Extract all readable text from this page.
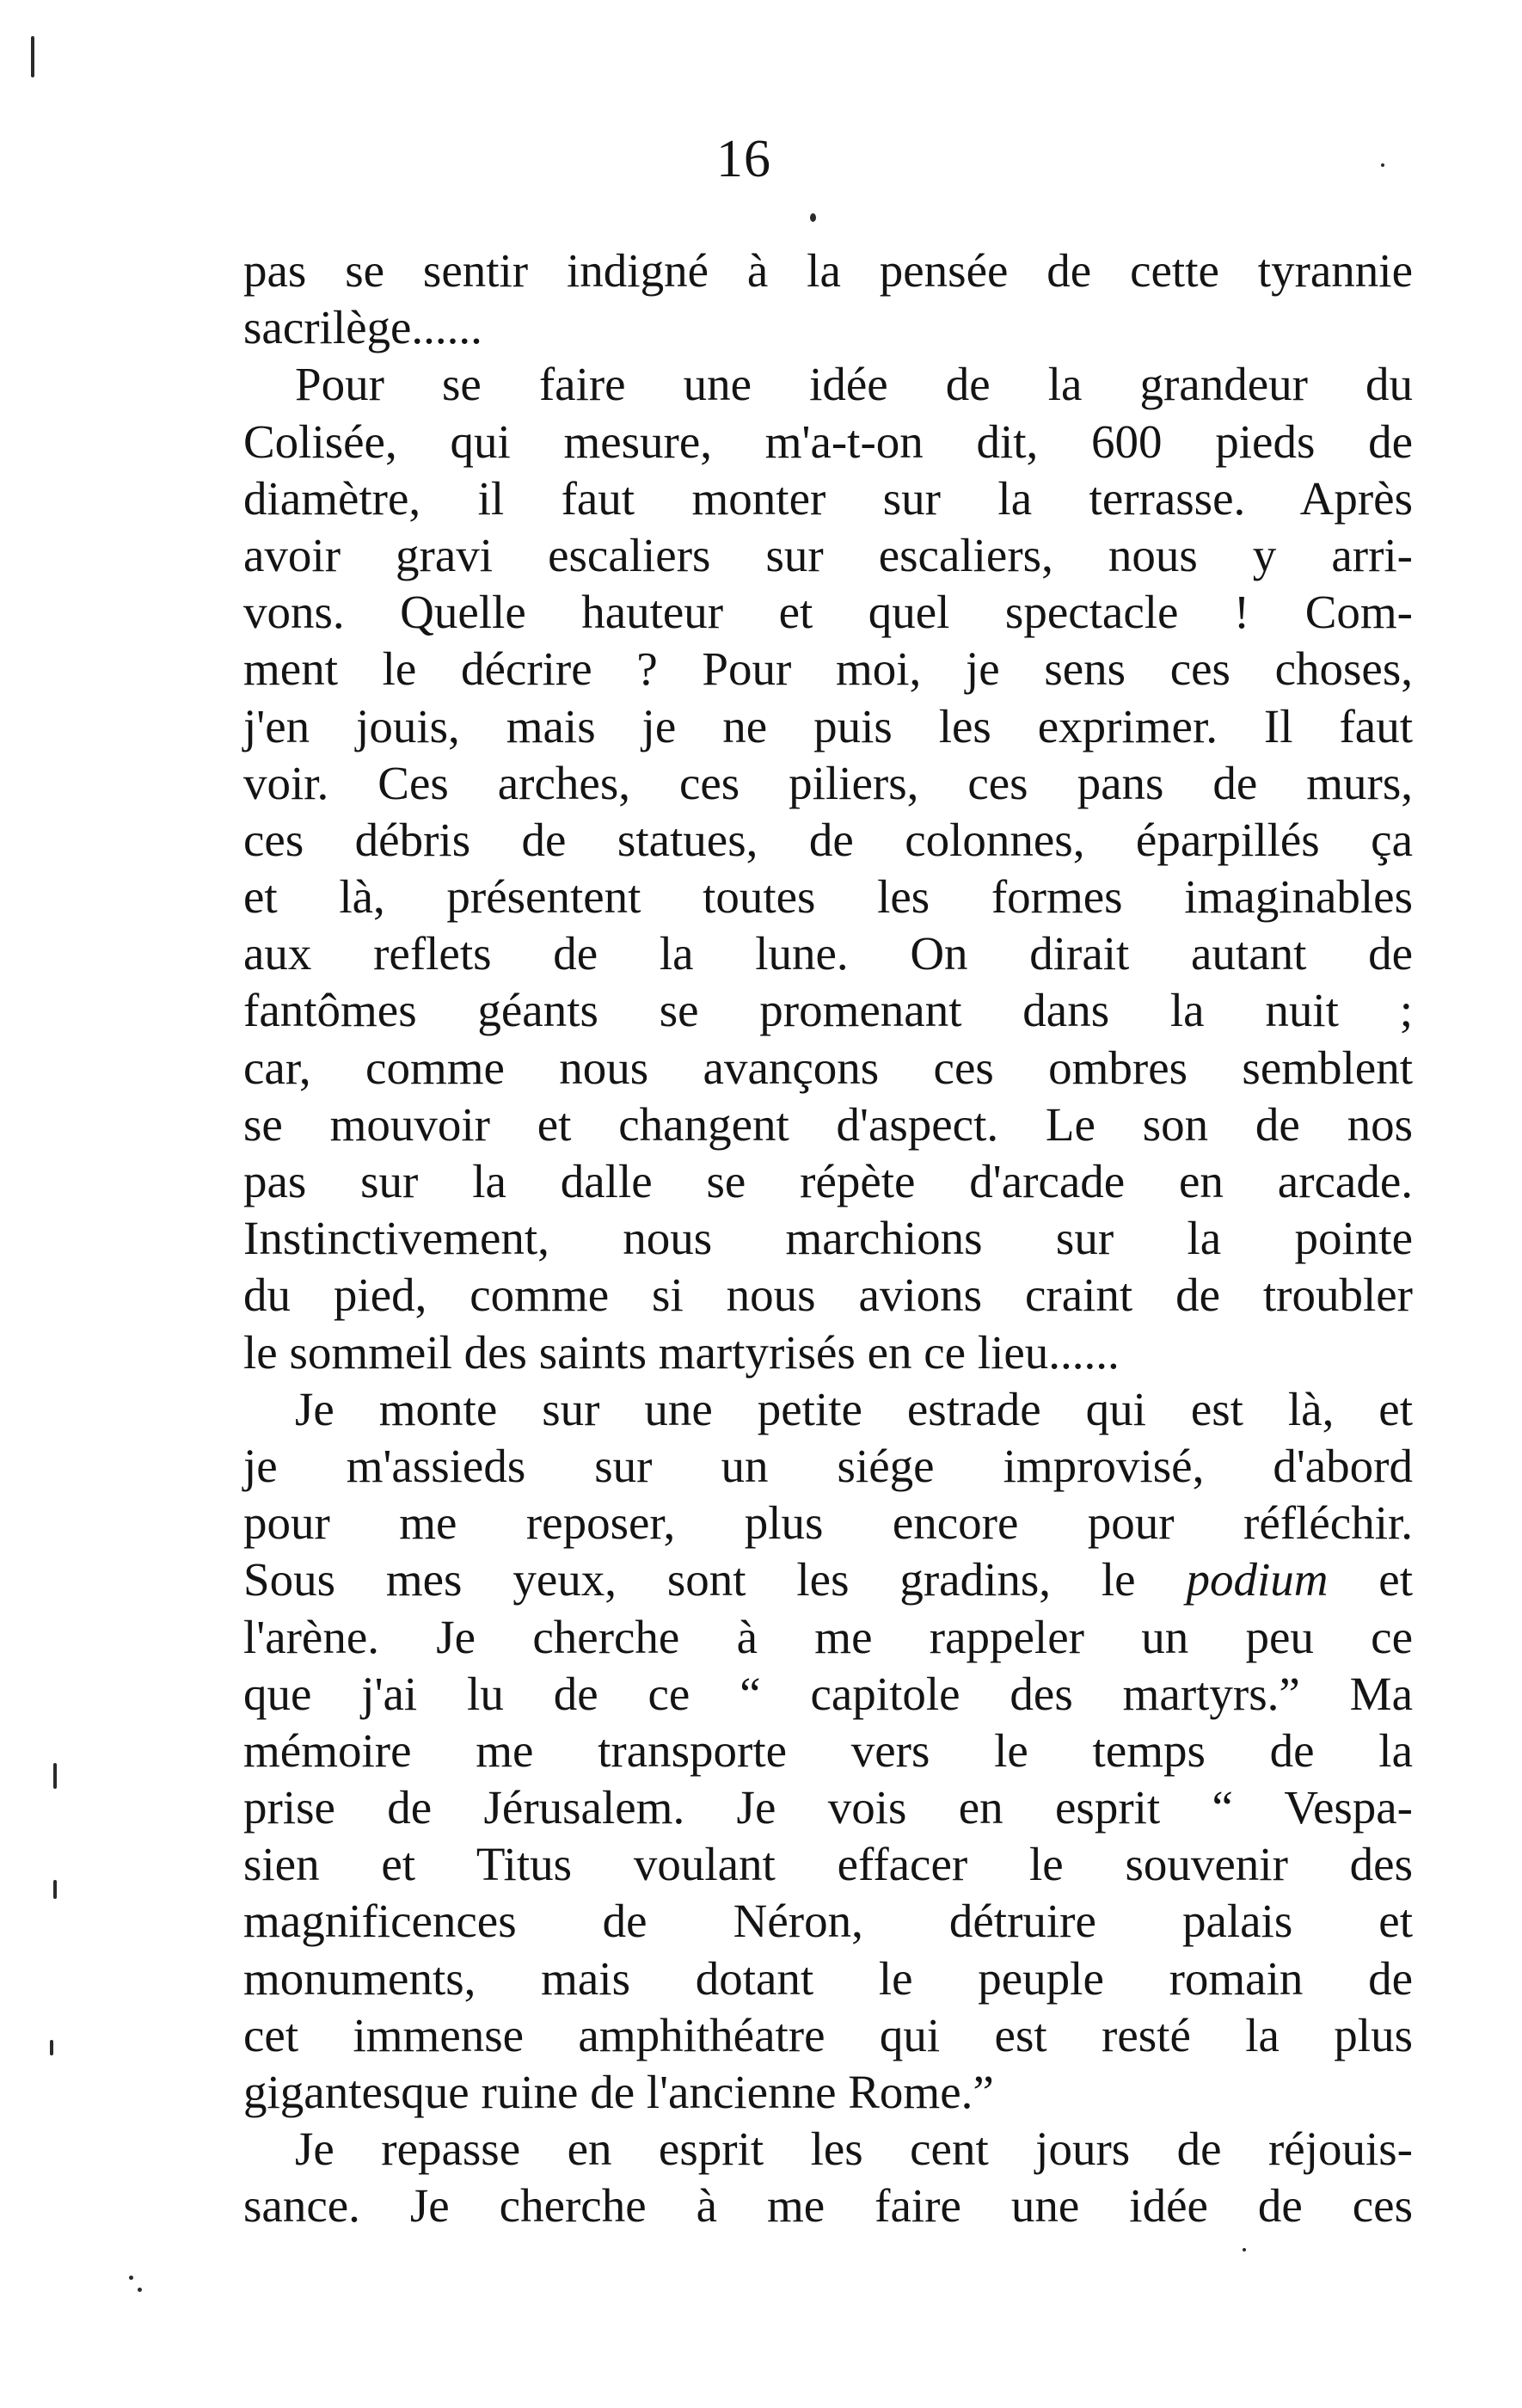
16
pas se sentir indigné à la pensée de cette tyrannie
sacrilège......
Pour se faire une idée de la grandeur du
Colisée, qui mesure, m'a-t-on dit, 600 pieds de
diamètre, il faut monter sur la terrasse. Après
avoir gravi escaliers sur escaliers, nous y arri-
vons. Quelle hauteur et quel spectacle ! Com-
ment le décrire ? Pour moi, je sens ces choses,
j'en jouis, mais je ne puis les exprimer. Il faut
voir. Ces arches, ces piliers, ces pans de murs,
ces débris de statues, de colonnes, éparpillés ça
et là, présentent toutes les formes imaginables
aux reflets de la lune. On dirait autant de
fantômes géants se promenant dans la nuit ;
car, comme nous avançons ces ombres semblent
se mouvoir et changent d'aspect. Le son de nos
pas sur la dalle se répète d'arcade en arcade.
Instinctivement, nous marchions sur la pointe
du pied, comme si nous avions craint de troubler
le sommeil des saints martyrisés en ce lieu......
Je monte sur une petite estrade qui est là, et
je m'assieds sur un siége improvisé, d'abord
pour me reposer, plus encore pour réfléchir.
Sous mes yeux, sont les gradins, le podium et
l'arène. Je cherche à me rappeler un peu ce
que j'ai lu de ce “ capitole des martyrs.” Ma
mémoire me transporte vers le temps de la
prise de Jérusalem. Je vois en esprit “ Vespa-
sien et Titus voulant effacer le souvenir des
magnificences de Néron, détruire palais et
monuments, mais dotant le peuple romain de
cet immense amphithéatre qui est resté la plus
gigantesque ruine de l'ancienne Rome.”
Je repasse en esprit les cent jours de réjouis-
sance. Je cherche à me faire une idée de ces
